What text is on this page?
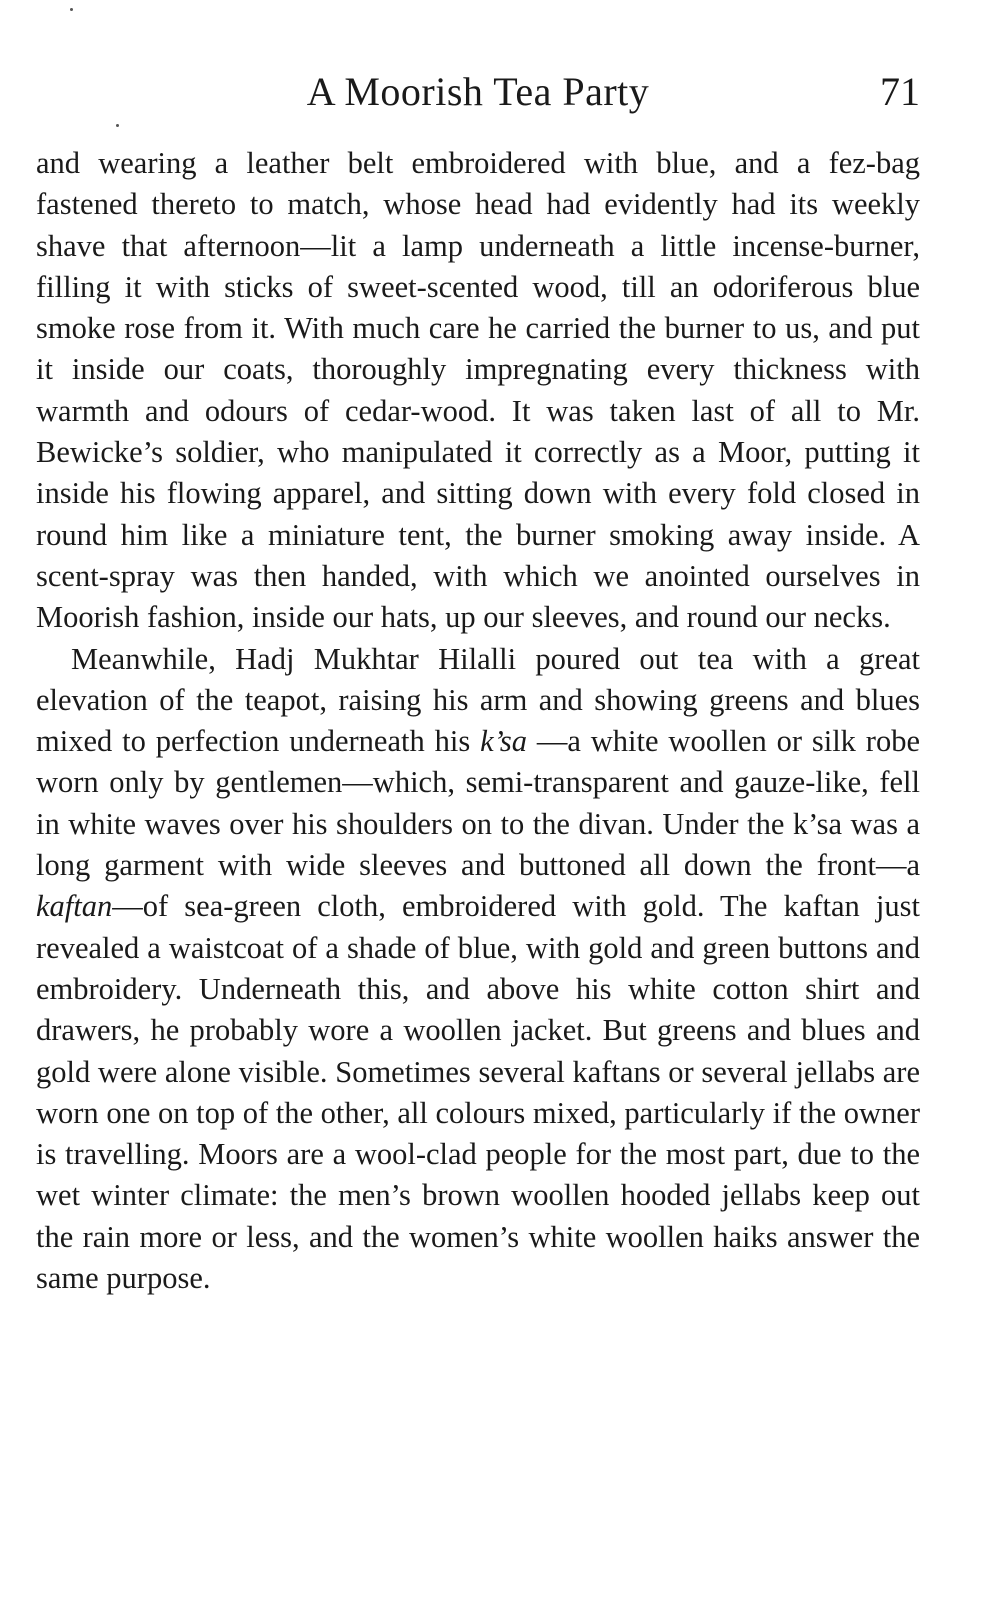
A Moorish Tea Party	71

and wearing a leather belt embroidered with blue, and a fez-bag fastened thereto to match, whose head had evidently had its weekly shave that afternoon—lit a lamp underneath a little incense-burner, filling it with sticks of sweet-scented wood, till an odoriferous blue smoke rose from it. With much care he carried the burner to us, and put it inside our coats, thoroughly impregnating every thickness with warmth and odours of cedar-wood. It was taken last of all to Mr. Bewicke’s soldier, who manipulated it correctly as a Moor, putting it inside his flowing apparel, and sitting down with every fold closed in round him like a miniature tent, the burner smoking away inside. A scent-spray was then handed, with which we anointed ourselves in Moorish fashion, inside our hats, up our sleeves, and round our necks.

Meanwhile, Hadj Mukhtar Hilalli poured out tea with a great elevation of the teapot, raising his arm and showing greens and blues mixed to perfection underneath his k’sa —a white woollen or silk robe worn only by gentlemen—which, semi-transparent and gauze-like, fell in white waves over his shoulders on to the divan. Under the k’sa was a long garment with wide sleeves and buttoned all down the front—a kaftan—of sea-green cloth, embroidered with gold. The kaftan just revealed a waistcoat of a shade of blue, with gold and green buttons and embroidery. Underneath this, and above his white cotton shirt and drawers, he probably wore a woollen jacket. But greens and blues and gold were alone visible. Sometimes several kaftans or several jellabs are worn one on top of the other, all colours mixed, particularly if the owner is travelling. Moors are a wool-clad people for the most part, due to the wet winter climate: the men’s brown woollen hooded jellabs keep out the rain more or less, and the women’s white woollen haiks answer the same purpose.
